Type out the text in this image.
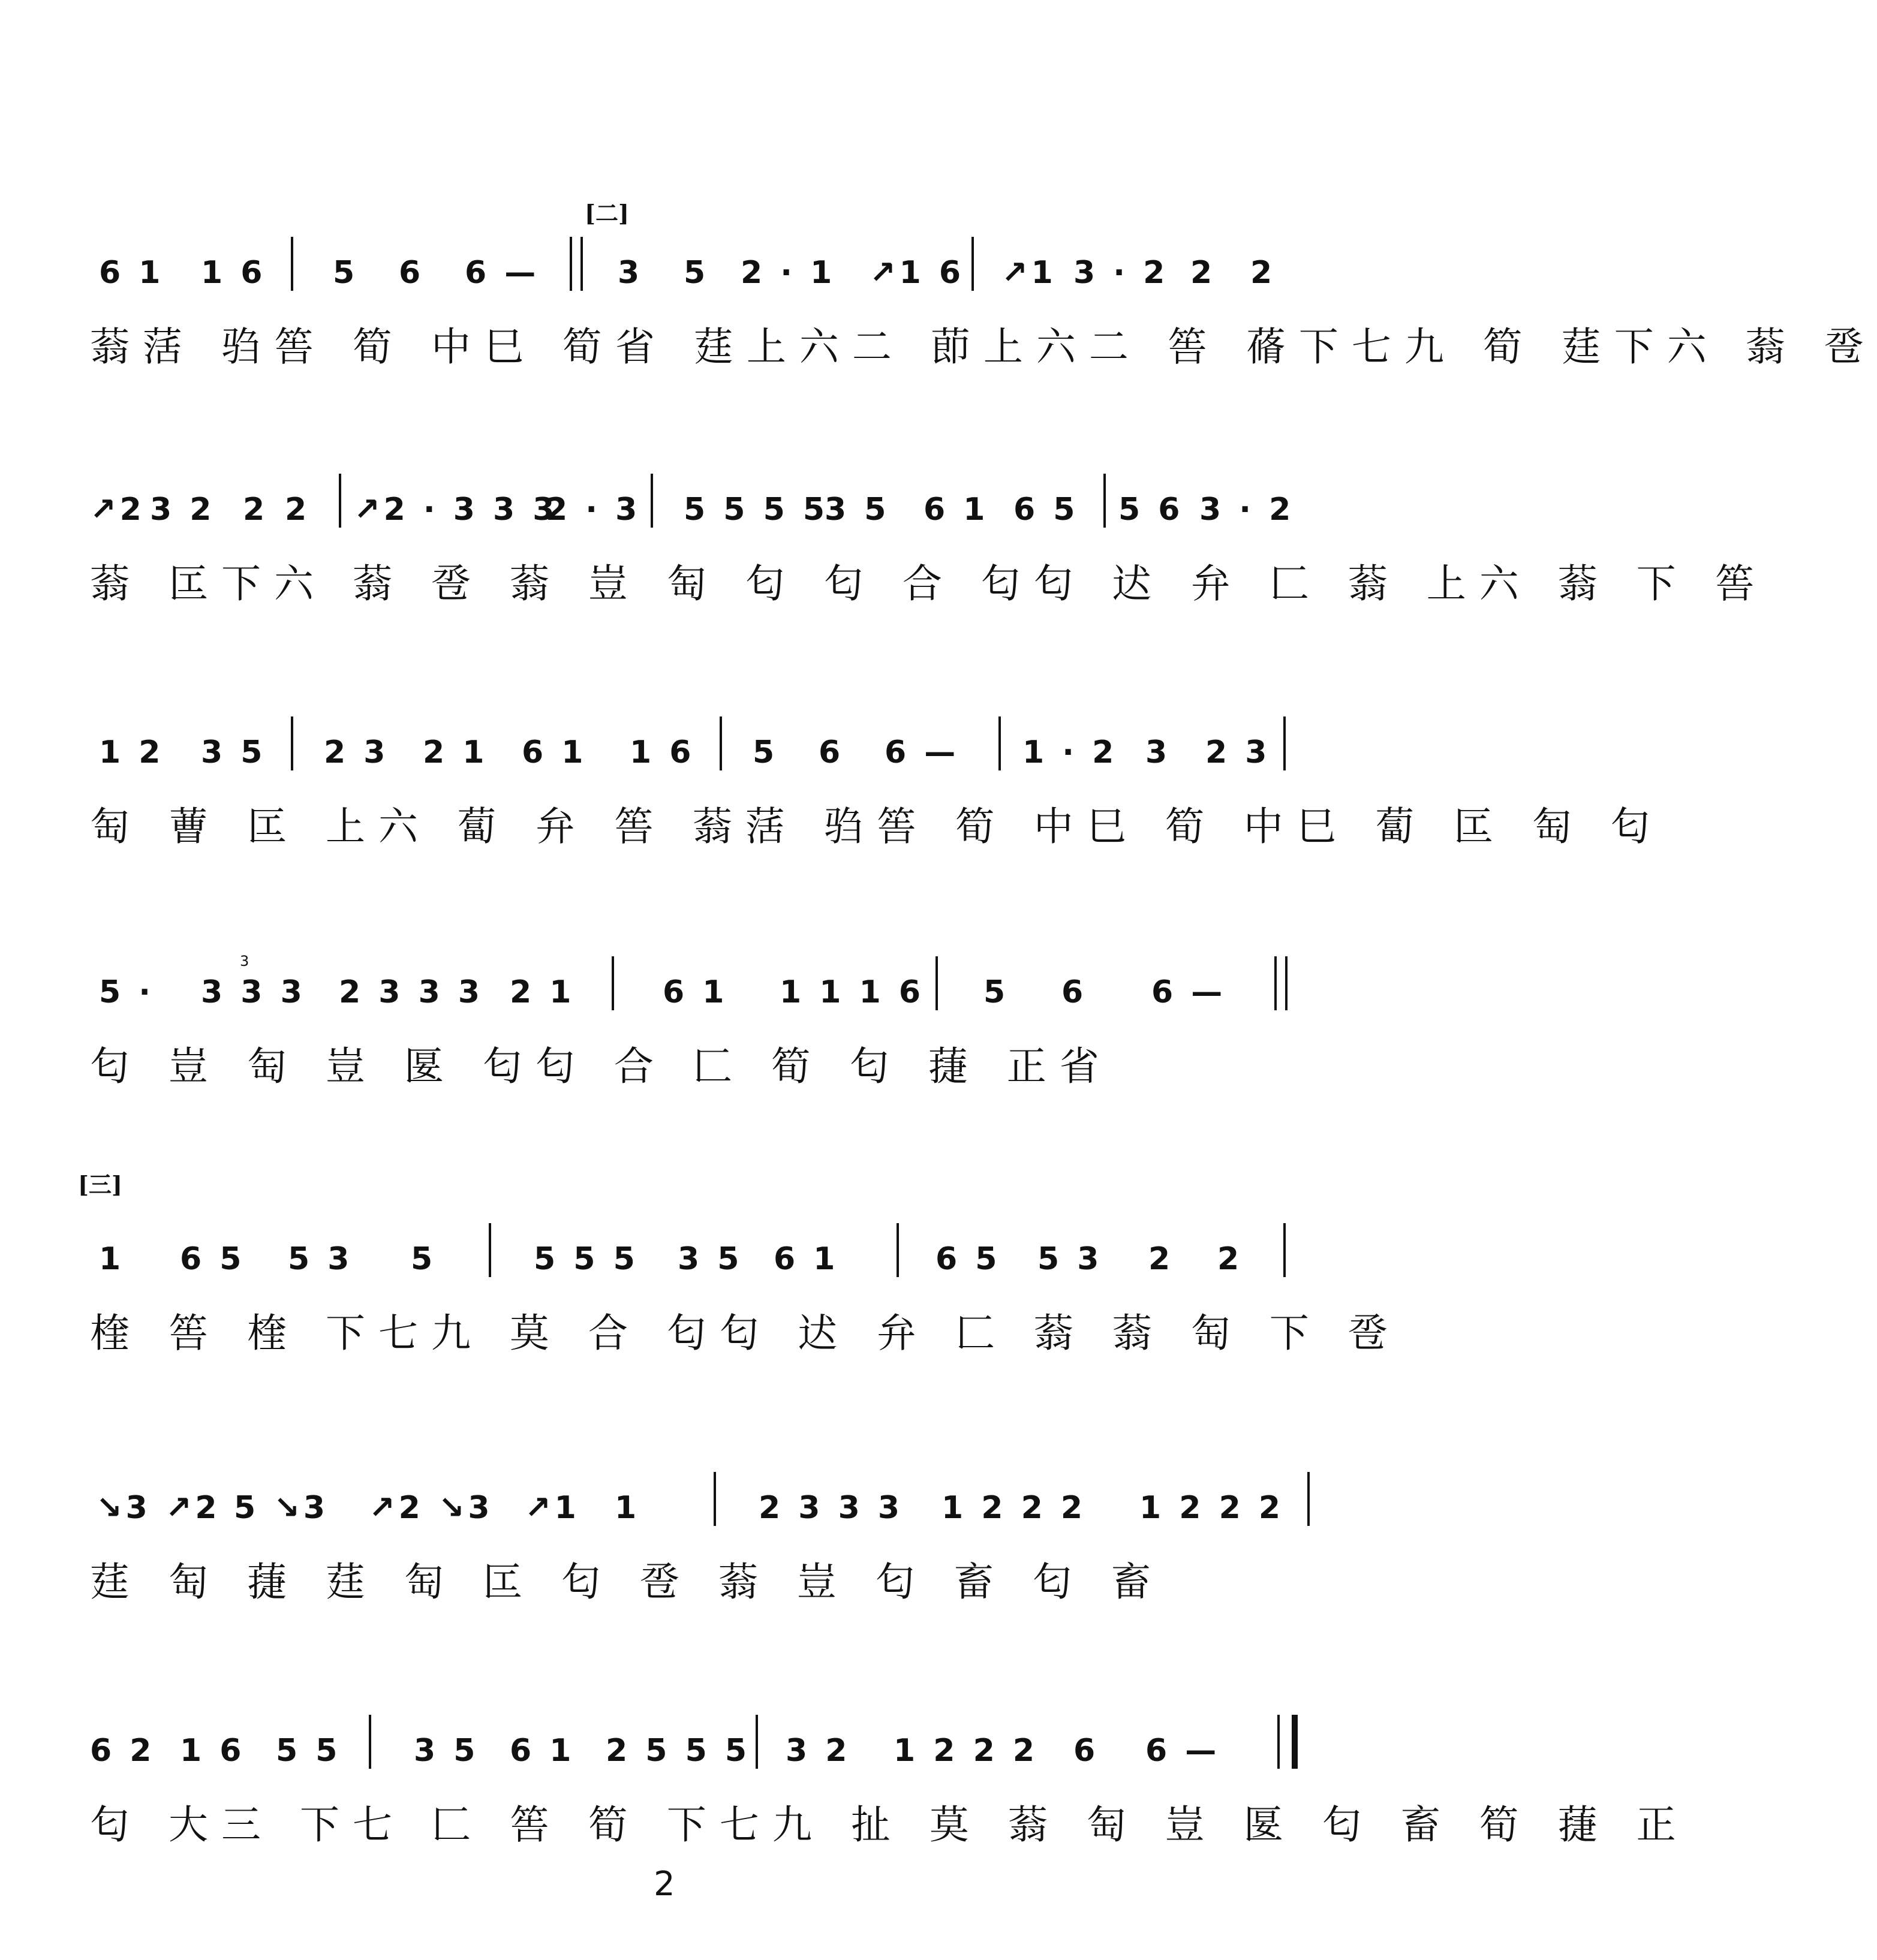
[二]
6 1 1 6 5 6 6 —	3 5 2 · 1 ↗1 6 ↗1 3 · 2 2 2
蓊萿 驺筶 筍 中巳 筍省 莛上六二 莭上六二 筶 蓨下七九 筍 莛下六 蓊 卺
↗2 3 2 2 2 ↗2 · 3 3 3
2 · 3 5 5 5 5
3 5 6 1 6 5 5 6 3 · 2
蓊 匞下六 蓊 卺 蓊 豈 匋 匂 匂 合 匂匂 迖 弁 匚 蓊 上六 蓊 下 筶
1 2 3 5 2 3 2 1 6 1 1 6 5 6 6 — 1 · 2 3 2 3
匋 蓸 匞 上六 蔔 弁 筶 蓊萿 驺筶 筍 中巳 筍 中巳 蔔 匞 匋 匂
3
5 · 3 3 3 2 3 3 3 2 1	6 1 1 1 1 6 5 6 6 —
匂 豈 匋 豈 匽 匂匂 合 匚 筍 匂 蓵 正省
[三]
1 6 5 5 3 5	5 5 5 3 5 6 1	6 5 5 3 2 2
楏 筶 楏 下七九 莫 合 匂匂 迖 弁 匚 蓊 蓊 匋 下 卺
↘3 ↗2 5 ↘3 ↗2 ↘3 ↗1 1	2 3 3 3 1 2 2 2 1 2 2 2
莛 匋 蓵 莛 匋 匞 匂 卺 蓊 豈 匂 畜 匂 畜
6 2 1 6 5 5 3 5 6 1 2 5 5 5 3 2 1 2 2 2 6 6 —
匂 大三 下七 匚 筶 筍 下七九 扯 莫 蓊 匋 豈 匽 匂 畜 筍 蓵 正
2
